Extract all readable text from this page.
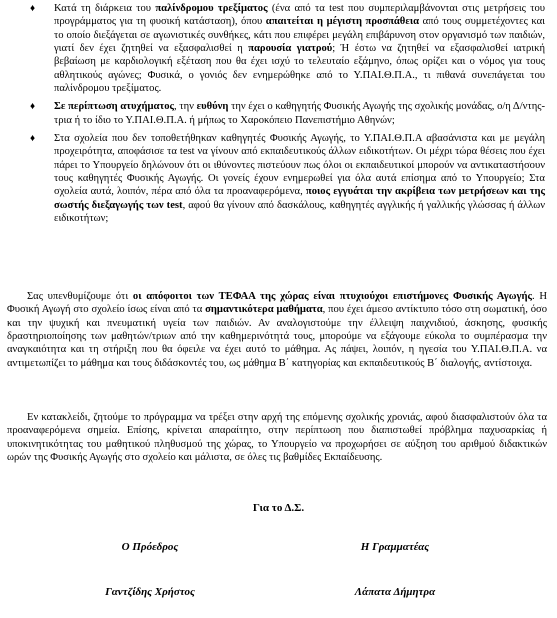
♦ Κατά τη διάρκεια του παλίνδρομου τρεξίματος (ένα από τα test που συμπεριλαμβάνονται στις μετρήσεις του προγράμματος για τη φυσική κατάσταση), όπου απαιτείται η μέγιστη προσπάθεια από τους συμμετέχοντες και το οποίο διεξάγεται σε αγωνιστικές συνθήκες, κάτι που επιφέρει μεγάλη επιβάρυνση στον οργανισμό των παιδιών, γιατί δεν έχει ζητηθεί να εξασφαλισθεί η παρουσία γιατρού; Ή έστω να ζητηθεί να εξασφαλισθεί ιατρική βεβαίωση με καρδιολογική εξέταση που θα έχει ισχύ το τελευταίο εξάμηνο, όπως ορίζει και ο νόμος για τους αθλητικούς αγώνες; Φυσικά, ο γονιός δεν ενημερώθηκε από το Υ.ΠΑΙ.Θ.Π.Α., τι πιθανά συνεπάγεται του παλίνδρομου τρεξίματος.
♦ Σε περίπτωση ατυχήματος, την ευθύνη την έχει ο καθηγητής Φυσικής Αγωγής της σχολικής μονάδας, ο/η Δ/ντης-τρια ή το ίδιο το Υ.ΠΑΙ.Θ.Π.Α. ή μήπως το Χαροκόπειο Πανεπιστήμιο Αθηνών;
♦ Στα σχολεία που δεν τοποθετήθηκαν καθηγητές Φυσικής Αγωγής, το Υ.ΠΑΙ.Θ.Π.Α αβασάνιστα και με μεγάλη προχειρότητα, αποφάσισε τα test να γίνουν από εκπαιδευτικούς άλλων ειδικοτήτων. Οι μέχρι τώρα θέσεις που έχει πάρει το Υπουργείο δηλώνουν ότι οι ιθύνοντες πιστεύουν πως όλοι οι εκπαιδευτικοί μπορούν να αντικαταστήσουν τους καθηγητές Φυσικής Αγωγής. Οι γονείς έχουν ενημερωθεί για όλα αυτά επίσημα από το Υπουργείο; Στα σχολεία αυτά, λοιπόν, πέρα από όλα τα προαναφερόμενα, ποιος εγγυάται την ακρίβεια των μετρήσεων και της σωστής διεξαγωγής των test, αφού θα γίνουν από δασκάλους, καθηγητές αγγλικής ή γαλλικής γλώσσας ή άλλων ειδικοτήτων;

Σας υπενθυμίζουμε ότι οι απόφοιτοι των ΤΕΦΑΑ της χώρας είναι πτυχιούχοι επιστήμονες Φυσικής Αγωγής. Η Φυσική Αγωγή στο σχολείο ίσως είναι από τα σημαντικότερα μαθήματα, που έχει άμεσο αντίκτυπο τόσο στη σωματική, όσο και την ψυχική και πνευματική υγεία των παιδιών. Αν αναλογιστούμε την έλλειψη παιχνιδιού, άσκησης, φυσικής δραστηριοποίησης των μαθητών/τριων από την καθημερινότητά τους, μπορούμε να εξάγουμε εύκολα το συμπέρασμα την αναγκαιότητα και τη στήριξη που θα όφειλε να έχει αυτό το μάθημα. Ας πάψει, λοιπόν, η ηγεσία του Υ.ΠΑΙ.Θ.Π.Α. να αντιμετωπίζει το μάθημα και τους διδάσκοντές του, ως μάθημα Β΄ κατηγορίας και εκπαιδευτικούς Β΄ διαλογής, αντίστοιχα.

Εν κατακλείδι, ζητούμε το πρόγραμμα να τρέξει στην αρχή της επόμενης σχολικής χρονιάς, αφού διασφαλιστούν όλα τα προαναφερόμενα σημεία. Επίσης, κρίνεται απαραίτητο, στην περίπτωση που διαπιστωθεί πρόβλημα παχυσαρκίας ή υποκινητικότητας του μαθητικού πληθυσμού της χώρας, το Υπουργείο να προχωρήσει σε αύξηση του αριθμού διδακτικών ωρών της Φυσικής Αγωγής στο σχολείο και μάλιστα, σε όλες τις βαθμίδες Εκπαίδευσης.

Για το Δ.Σ.
Ο Πρόεδρος	Η Γραμματέας
Γαντζίδης Χρήστος	Λάπατα Δήμητρα
